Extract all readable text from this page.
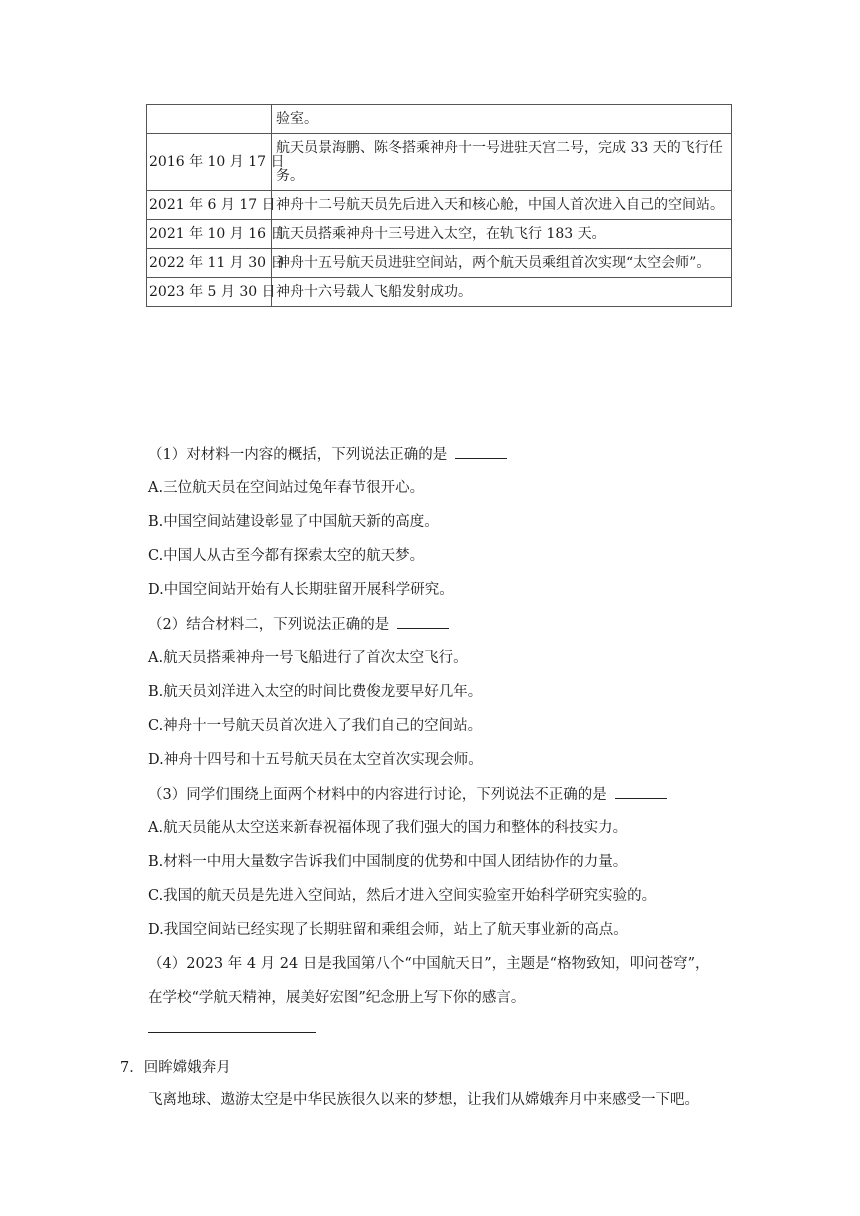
	验室。
2016 年 10 月 17 日	航天员景海鹏、陈冬搭乘神舟十一号进驻天宫二号，完成 33 天的飞行任务。
2021 年 6 月 17 日	神舟十二号航天员先后进入天和核心舱，中国人首次进入自己的空间站。
2021 年 10 月 16 日	航天员搭乘神舟十三号进入太空，在轨飞行 183 天。
2022 年 11 月 30 日	神舟十五号航天员进驻空间站，两个航天员乘组首次实现“太空会师”。
2023 年 5 月 30 日	神舟十六号载人飞船发射成功。
（1）对材料一内容的概括，下列说法正确的是
A.三位航天员在空间站过兔年春节很开心。
B.中国空间站建设彰显了中国航天新的高度。
C.中国人从古至今都有探索太空的航天梦。
D.中国空间站开始有人长期驻留开展科学研究。
（2）结合材料二，下列说法正确的是
A.航天员搭乘神舟一号飞船进行了首次太空飞行。
B.航天员刘洋进入太空的时间比费俊龙要早好几年。
C.神舟十一号航天员首次进入了我们自己的空间站。
D.神舟十四号和十五号航天员在太空首次实现会师。
（3）同学们围绕上面两个材料中的内容进行讨论，下列说法不正确的是
A.航天员能从太空送来新春祝福体现了我们强大的国力和整体的科技实力。
B.材料一中用大量数字告诉我们中国制度的优势和中国人团结协作的力量。
C.我国的航天员是先进入空间站，然后才进入空间实验室开始科学研究实验的。
D.我国空间站已经实现了长期驻留和乘组会师，站上了航天事业新的高点。
（4）2023 年 4 月 24 日是我国第八个“中国航天日”，主题是“格物致知，叩问苍穹”，
在学校“学航天精神，展美好宏图”纪念册上写下你的感言。
7．回眸嫦娥奔月
飞离地球、遨游太空是中华民族很久以来的梦想，让我们从嫦娥奔月中来感受一下吧。
